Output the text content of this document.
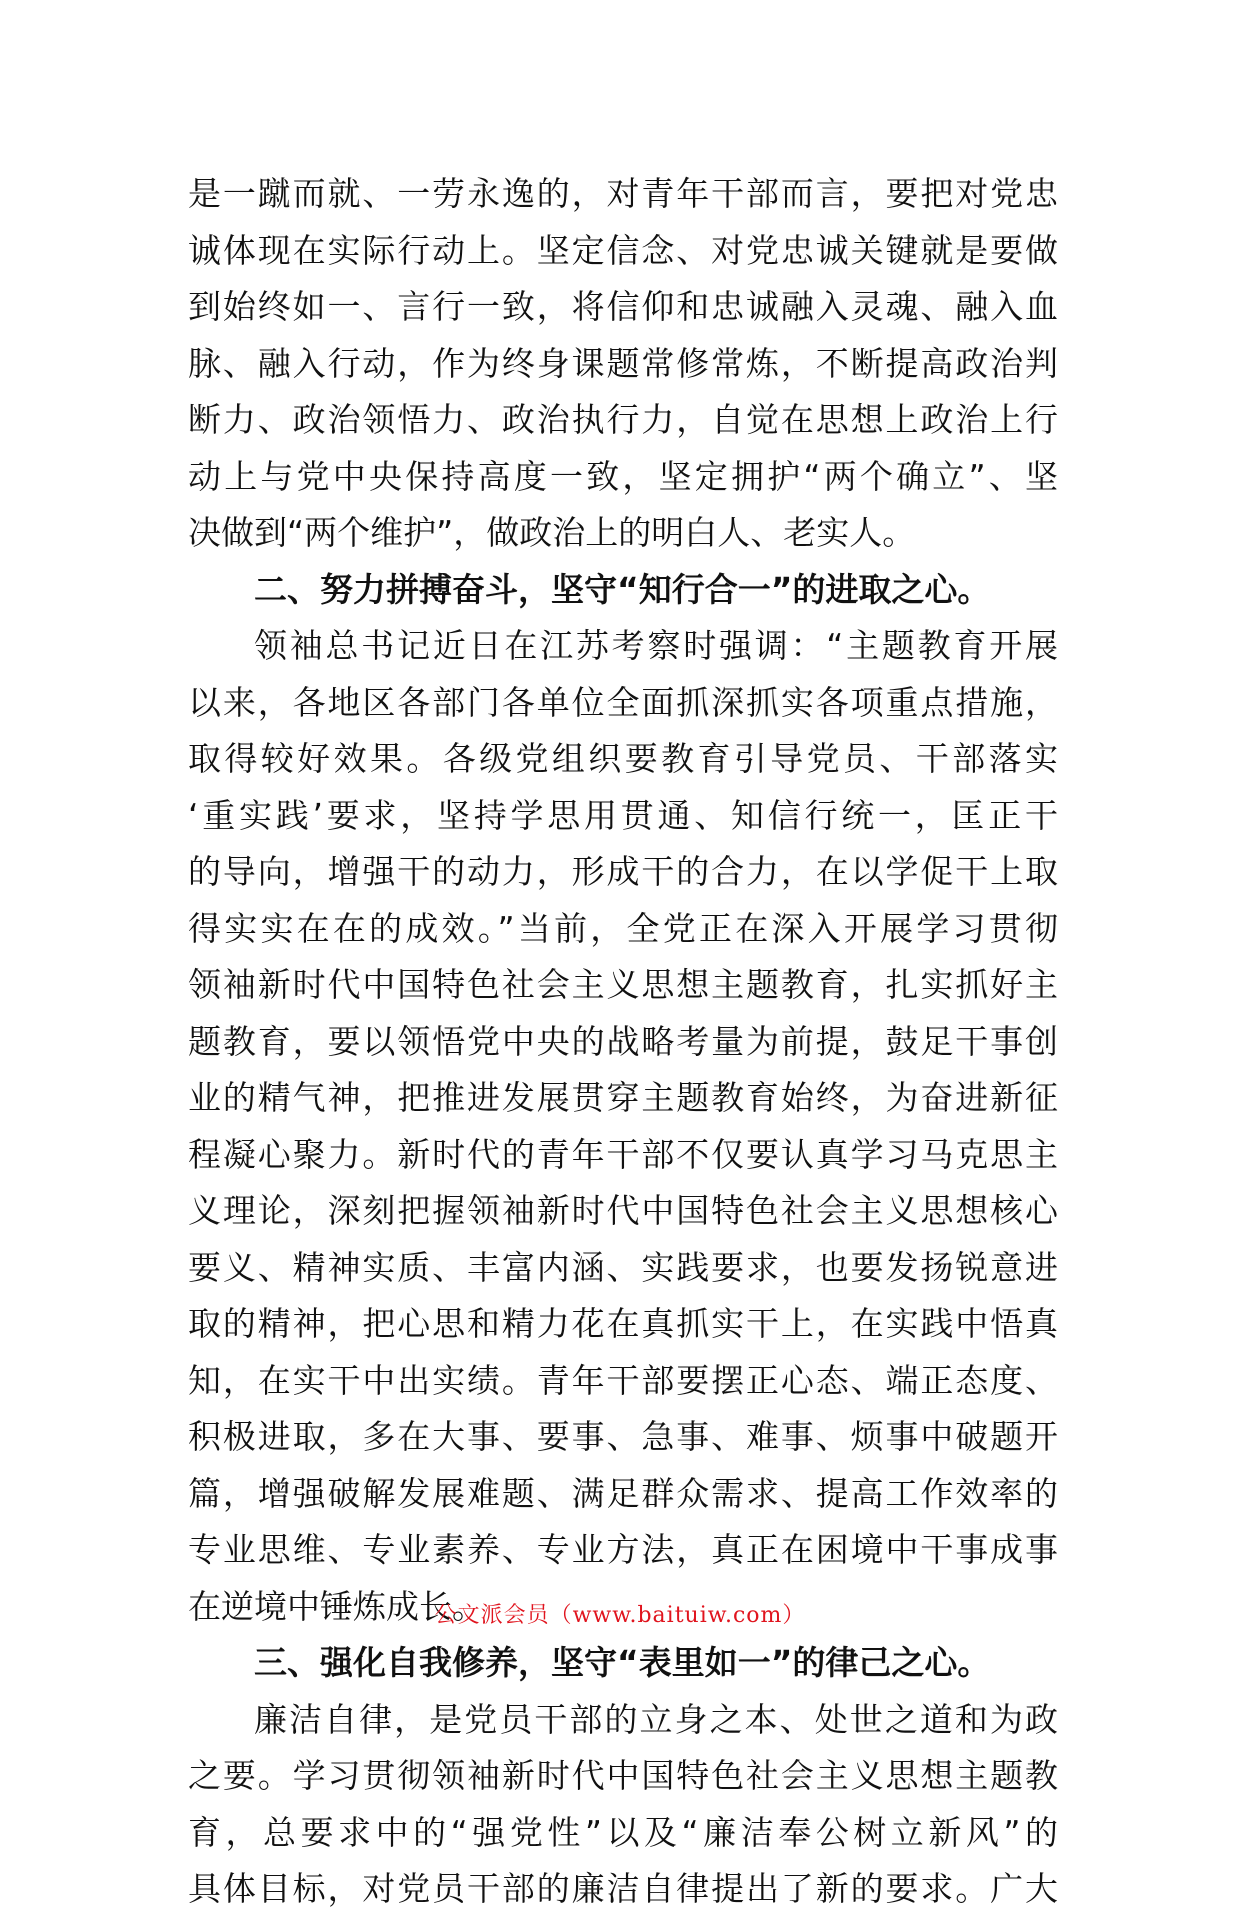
是一蹴而就、一劳永逸的，对青年干部而言，要把对党忠
诚体现在实际行动上。坚定信念、对党忠诚关键就是要做
到始终如一、言行一致，将信仰和忠诚融入灵魂、融入血
脉、融入行动，作为终身课题常修常炼，不断提高政治判
断力、政治领悟力、政治执行力，自觉在思想上政治上行
动上与党中央保持高度一致，坚定拥护“两个确立”、坚
决做到“两个维护”，做政治上的明白人、老实人。
二、努力拼搏奋斗，坚守“知行合一”的进取之心。
领袖总书记近日在江苏考察时强调：“主题教育开展
以来，各地区各部门各单位全面抓深抓实各项重点措施，
取得较好效果。各级党组织要教育引导党员、干部落实
‘重实践’要求，坚持学思用贯通、知信行统一，匡正干
的导向，增强干的动力，形成干的合力，在以学促干上取
得实实在在的成效。”当前，全党正在深入开展学习贯彻
领袖新时代中国特色社会主义思想主题教育，扎实抓好主
题教育，要以领悟党中央的战略考量为前提，鼓足干事创
业的精气神，把推进发展贯穿主题教育始终，为奋进新征
程凝心聚力。新时代的青年干部不仅要认真学习马克思主
义理论，深刻把握领袖新时代中国特色社会主义思想核心
要义、精神实质、丰富内涵、实践要求，也要发扬锐意进
取的精神，把心思和精力花在真抓实干上，在实践中悟真
知，在实干中出实绩。青年干部要摆正心态、端正态度、
积极进取，多在大事、要事、急事、难事、烦事中破题开
篇，增强破解发展难题、满足群众需求、提高工作效率的
专业思维、专业素养、专业方法，真正在困境中干事成事
在逆境中锤炼成长。
三、强化自我修养，坚守“表里如一”的律己之心。
廉洁自律，是党员干部的立身之本、处世之道和为政
之要。学习贯彻领袖新时代中国特色社会主义思想主题教
育，总要求中的“强党性”以及“廉洁奉公树立新风”的
具体目标，对党员干部的廉洁自律提出了新的要求。广大
公文派会员（www.baituiw.com）
